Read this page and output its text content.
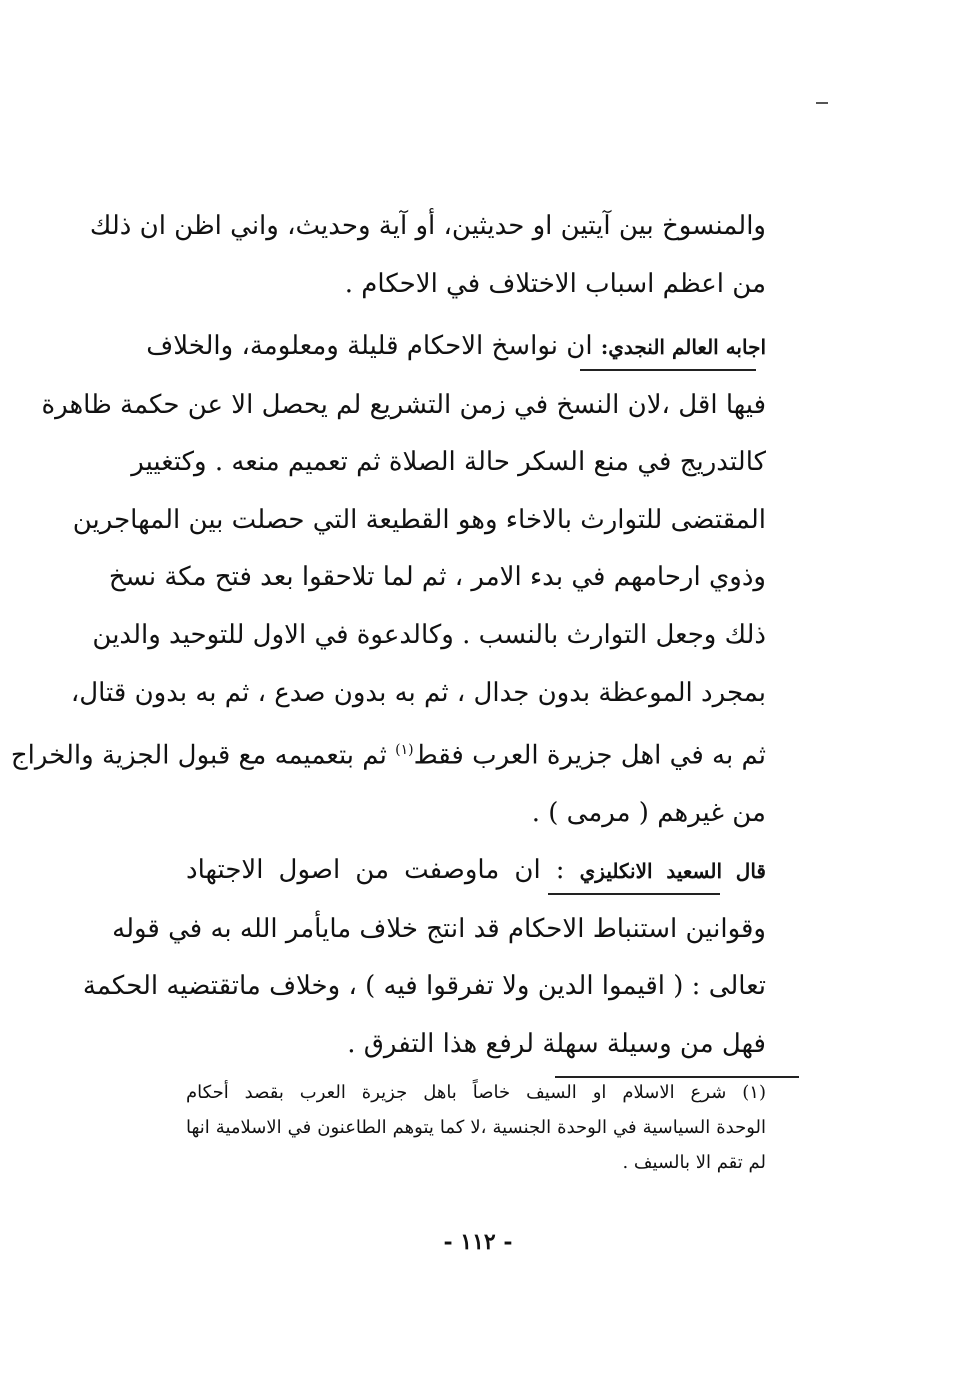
والمنسوخ بين آيتين او حديثين، أو آية وحديث، واني اظن ان ذلك
من اعظم اسباب الاختلاف في الاحكام .
اجابه العالم النجدي: ان نواسخ الاحكام قليلة ومعلومة، والخلاف
فيها اقل ،لان النسخ في زمن التشريع لم يحصل الا عن حكمة ظاهرة
كالتدريج في منع السكر حالة الصلاة ثم تعميم منعه . وكتغيير
المقتضى للتوارث بالاخاء وهو القطيعة التي حصلت بين المهاجرين
وذوي ارحامهم في بدء الامر ، ثم لما تلاحقوا بعد فتح مكة نسخ
ذلك وجعل التوارث بالنسب . وكالدعوة في الاول للتوحيد والدين
بمجرد الموعظة بدون جدال ، ثم به بدون صدع ، ثم به بدون قتال،
ثم به في اهل جزيرة العرب فقط$^{(١)}$ ثم بتعميمه مع قبول الجزية والخراج
من غيرهم ( مرمى ) .
قال السعيد الانكليزي : ان ماوصفت من اصول الاجتهاد
وقوانين استنباط الاحكام قد انتج خلاف مايأمر الله به في قوله
تعالى : ( اقيموا الدين ولا تفرقوا فيه ) ، وخلاف ماتقتضيه الحكمة
فهل من وسيلة سهلة لرفع هذا التفرق .
(١) شرع الاسلام او السيف خاصاً باهل جزيرة العرب بقصد أحكام
الوحدة السياسية في الوحدة الجنسية ،لا كما يتوهم الطاعنون في الاسلامية انها
لم تقم الا بالسيف .
- ١١٢ -
